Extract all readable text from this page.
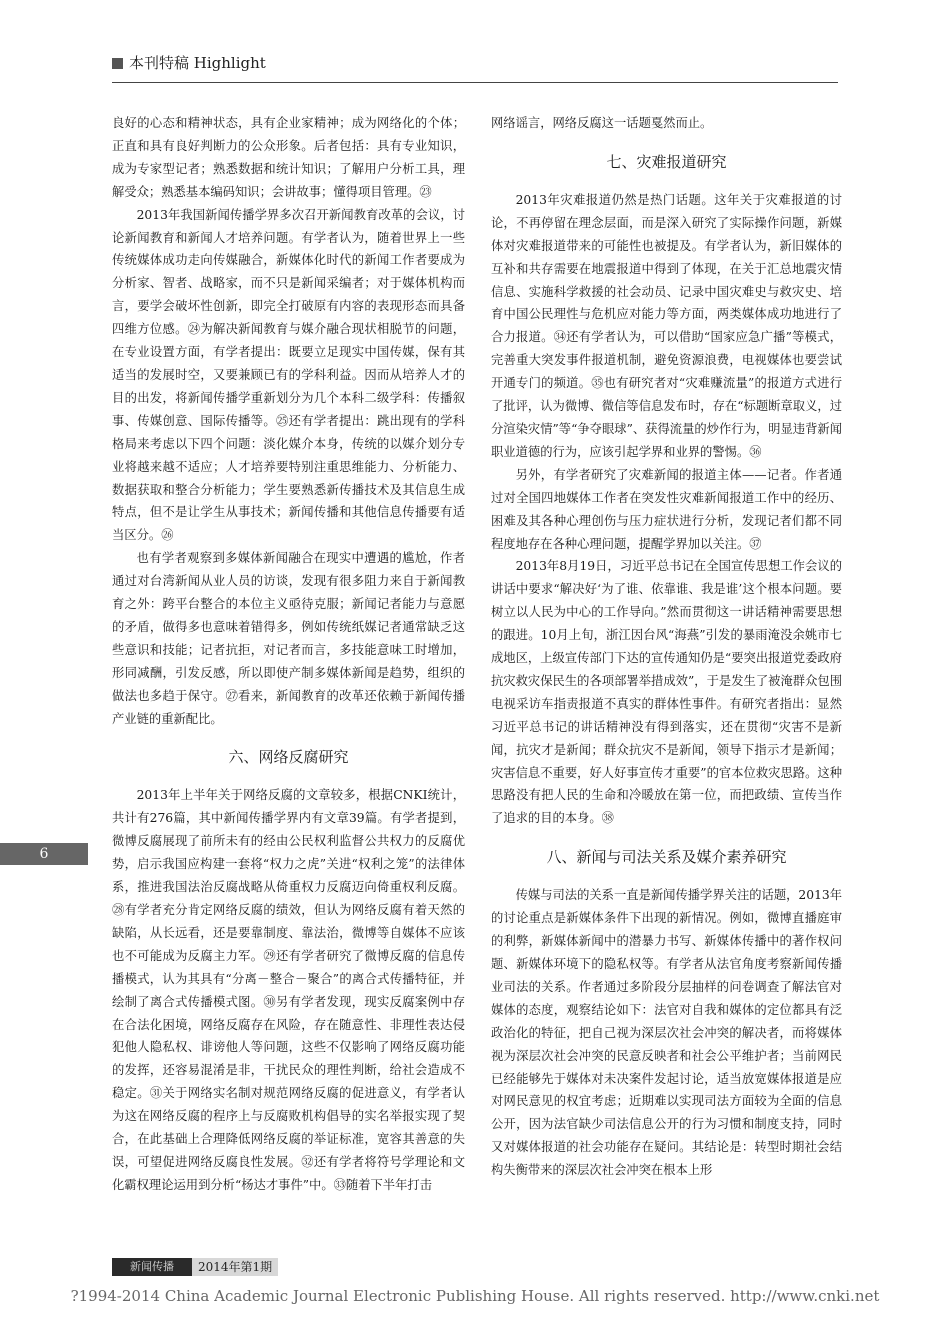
本刊特稿 Highlight

良好的心态和精神状态，具有企业家精神；成为网络化的个体；正直和具有良好判断力的公众形象。后者包括：具有专业知识，成为专家型记者；熟悉数据和统计知识；了解用户分析工具，理解受众；熟悉基本编码知识；会讲故事；懂得项目管理。㉓

2013年我国新闻传播学界多次召开新闻教育改革的会议，讨论新闻教育和新闻人才培养问题。有学者认为，随着世界上一些传统媒体成功走向传媒融合，新媒体化时代的新闻工作者要成为分析家、智者、战略家，而不只是新闻采编者；对于媒体机构而言，要学会破坏性创新，即完全打破原有内容的表现形态而具备四维方位感。㉔为解决新闻教育与媒介融合现状相脱节的问题，在专业设置方面，有学者提出：既要立足现实中国传媒，保有其适当的发展时空，又要兼顾已有的学科利益。因而从培养人才的目的出发，将新闻传播学重新划分为几个本科二级学科：传播叙事、传媒创意、国际传播等。㉕还有学者提出：跳出现有的学科格局来考虑以下四个问题：淡化媒介本身，传统的以媒介划分专业将越来越不适应；人才培养要特别注重思维能力、分析能力、数据获取和整合分析能力；学生要熟悉新传播技术及其信息生成特点，但不是让学生从事技术；新闻传播和其他信息传播要有适当区分。㉖

也有学者观察到多媒体新闻融合在现实中遭遇的尴尬，作者通过对台湾新闻从业人员的访谈，发现有很多阻力来自于新闻教育之外：跨平台整合的本位主义亟待克服；新闻记者能力与意愿的矛盾，做得多也意味着错得多，例如传统纸媒记者通常缺乏这些意识和技能；记者抗拒，对记者而言，多技能意味工时增加，形同减酬，引发反感，所以即使产制多媒体新闻是趋势，组织的做法也多趋于保守。㉗看来，新闻教育的改革还依赖于新闻传播产业链的重新配比。

六、网络反腐研究

2013年上半年关于网络反腐的文章较多，根据CNKI统计，共计有276篇，其中新闻传播学界内有文章39篇。有学者提到，微博反腐展现了前所未有的经由公民权利监督公共权力的反腐优势，启示我国应构建一套将“权力之虎”关进“权利之笼”的法律体系，推进我国法治反腐战略从倚重权力反腐迈向倚重权利反腐。㉘有学者充分肯定网络反腐的绩效，但认为网络反腐有着天然的缺陷，从长远看，还是要靠制度、靠法治，微博等自媒体不应该也不可能成为反腐主力军。㉙还有学者研究了微博反腐的信息传播模式，认为其具有“分离－整合－聚合”的离合式传播特征，并绘制了离合式传播模式图。㉚另有学者发现，现实反腐案例中存在合法化困境，网络反腐存在风险，存在随意性、非理性表达侵犯他人隐私权、诽谤他人等问题，这些不仅影响了网络反腐功能的发挥，还容易混淆是非，干扰民众的理性判断，给社会造成不稳定。㉛关于网络实名制对规范网络反腐的促进意义，有学者认为这在网络反腐的程序上与反腐败机构倡导的实名举报实现了契合，在此基础上合理降低网络反腐的举证标准，宽容其善意的失误，可望促进网络反腐良性发展。㉜还有学者将符号学理论和文化霸权理论运用到分析“杨达才事件”中。㉝随着下半年打击

网络谣言，网络反腐这一话题戛然而止。

七、灾难报道研究

2013年灾难报道仍然是热门话题。这年关于灾难报道的讨论，不再停留在理念层面，而是深入研究了实际操作问题，新媒体对灾难报道带来的可能性也被提及。有学者认为，新旧媒体的互补和共存需要在地震报道中得到了体现，在关于汇总地震灾情信息、实施科学救援的社会动员、记录中国灾难史与救灾史、培育中国公民理性与危机应对能力等方面，两类媒体成功地进行了合力报道。㉞还有学者认为，可以借助“国家应急广播”等模式，完善重大突发事件报道机制，避免资源浪费，电视媒体也要尝试开通专门的频道。㉟也有研究者对“灾难赚流量”的报道方式进行了批评，认为微博、微信等信息发布时，存在“标题断章取义，过分渲染灾情”等“争夺眼球”、获得流量的炒作行为，明显违背新闻职业道德的行为，应该引起学界和业界的警惕。㊱

另外，有学者研究了灾难新闻的报道主体——记者。作者通过对全国四地媒体工作者在突发性灾难新闻报道工作中的经历、困难及其各种心理创伤与压力症状进行分析，发现记者们都不同程度地存在各种心理问题，提醒学界加以关注。㊲

2013年8月19日，习近平总书记在全国宣传思想工作会议的讲话中要求“解决好‘为了谁、依靠谁、我是谁’这个根本问题。要树立以人民为中心的工作导向。”然而贯彻这一讲话精神需要思想的跟进。10月上旬，浙江因台风“海燕”引发的暴雨淹没余姚市七成地区，上级宣传部门下达的宣传通知仍是“要突出报道党委政府抗灾救灾保民生的各项部署举措成效”，于是发生了被淹群众包围电视采访车指责报道不真实的群体性事件。有研究者指出：显然习近平总书记的讲话精神没有得到落实，还在贯彻“灾害不是新闻，抗灾才是新闻；群众抗灾不是新闻，领导下指示才是新闻；灾害信息不重要，好人好事宣传才重要”的官本位救灾思路。这种思路没有把人民的生命和冷暖放在第一位，而把政绩、宣传当作了追求的目的本身。㊳

八、新闻与司法关系及媒介素养研究

传媒与司法的关系一直是新闻传播学界关注的话题，2013年的讨论重点是新媒体条件下出现的新情况。例如，微博直播庭审的利弊，新媒体新闻中的潜暴力书写、新媒体传播中的著作权问题、新媒体环境下的隐私权等。有学者从法官角度考察新闻传播业司法的关系。作者通过多阶段分层抽样的问卷调查了解法官对媒体的态度，观察结论如下：法官对自我和媒体的定位都具有泛政治化的特征，把自己视为深层次社会冲突的解决者，而将媒体视为深层次社会冲突的民意反映者和社会公平维护者；当前网民已经能够先于媒体对未决案件发起讨论，适当放宽媒体报道是应对网民意见的权宜考虑；近期难以实现司法方面较为全面的信息公开，因为法官缺少司法信息公开的行为习惯和制度支持，同时又对媒体报道的社会功能存在疑问。其结论是：转型时期社会结构失衡带来的深层次社会冲突在根本上形

6
新闻传播 2014年第1期
?1994-2014 China Academic Journal Electronic Publishing House. All rights reserved. http://www.cnki.net
